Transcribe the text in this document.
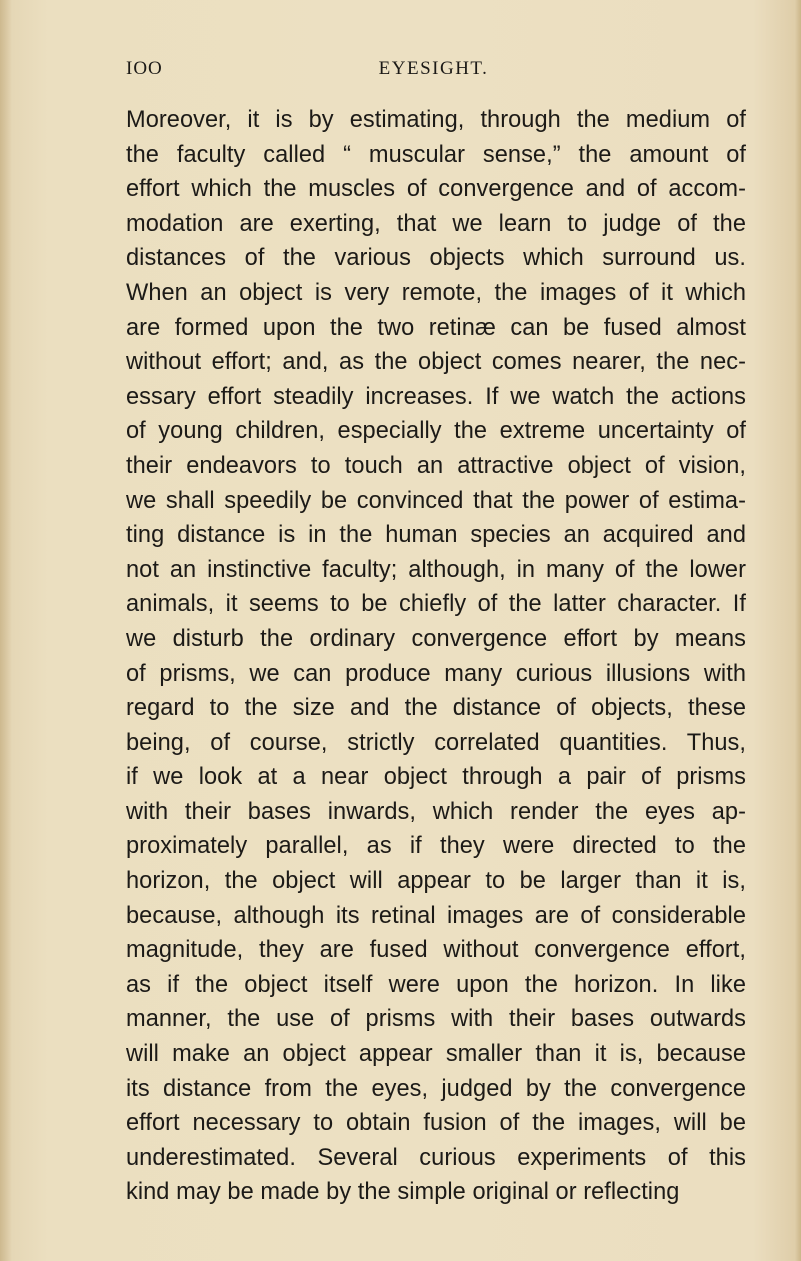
IOO	EYESIGHT.
Moreover, it is by estimating, through the medium of
the faculty called “ muscular sense,” the amount of
effort which the muscles of convergence and of accom-
modation are exerting, that we learn to judge of the
distances of the various objects which surround us.
When an object is very remote, the images of it which
are formed upon the two retinæ can be fused almost
without effort; and, as the object comes nearer, the nec-
essary effort steadily increases. If we watch the actions
of young children, especially the extreme uncertainty of
their endeavors to touch an attractive object of vision,
we shall speedily be convinced that the power of estima-
ting distance is in the human species an acquired and
not an instinctive faculty; although, in many of the lower
animals, it seems to be chiefly of the latter character. If
we disturb the ordinary convergence effort by means
of prisms, we can produce many curious illusions with
regard to the size and the distance of objects, these
being, of course, strictly correlated quantities. Thus,
if we look at a near object through a pair of prisms
with their bases inwards, which render the eyes ap-
proximately parallel, as if they were directed to the
horizon, the object will appear to be larger than it is,
because, although its retinal images are of considerable
magnitude, they are fused without convergence effort,
as if the object itself were upon the horizon. In like
manner, the use of prisms with their bases outwards
will make an object appear smaller than it is, because
its distance from the eyes, judged by the convergence
effort necessary to obtain fusion of the images, will be
underestimated. Several curious experiments of this
kind may be made by the simple original or reflecting
